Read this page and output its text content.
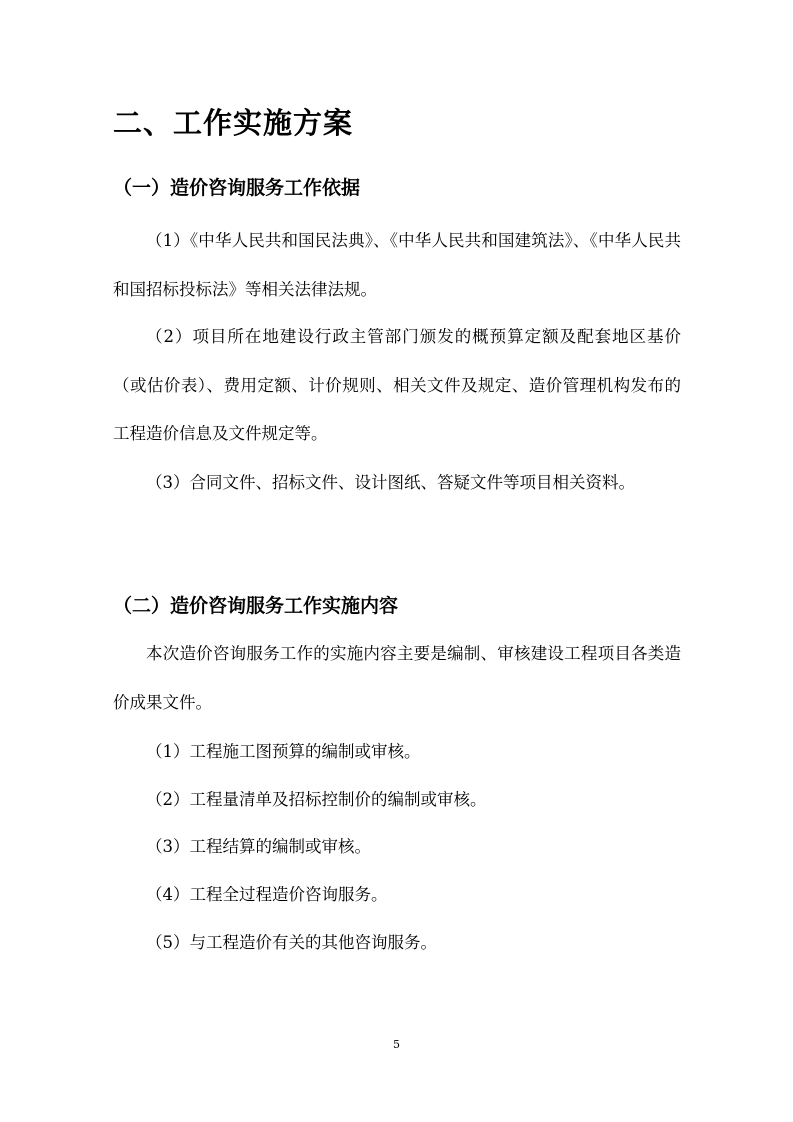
二、工作实施方案
（一）造价咨询服务工作依据

（1）《中华人民共和国民法典》、《中华人民共和国建筑法》、《中华人民共和国招标投标法》等相关法律法规。

（2）项目所在地建设行政主管部门颁发的概预算定额及配套地区基价（或估价表）、费用定额、计价规则、相关文件及规定、造价管理机构发布的工程造价信息及文件规定等。

（3）合同文件、招标文件、设计图纸、答疑文件等项目相关资料。

（二）造价咨询服务工作实施内容

本次造价咨询服务工作的实施内容主要是编制、审核建设工程项目各类造价成果文件。

（1）工程施工图预算的编制或审核。

（2）工程量清单及招标控制价的编制或审核。

（3）工程结算的编制或审核。

（4）工程全过程造价咨询服务。

（5）与工程造价有关的其他咨询服务。

5
